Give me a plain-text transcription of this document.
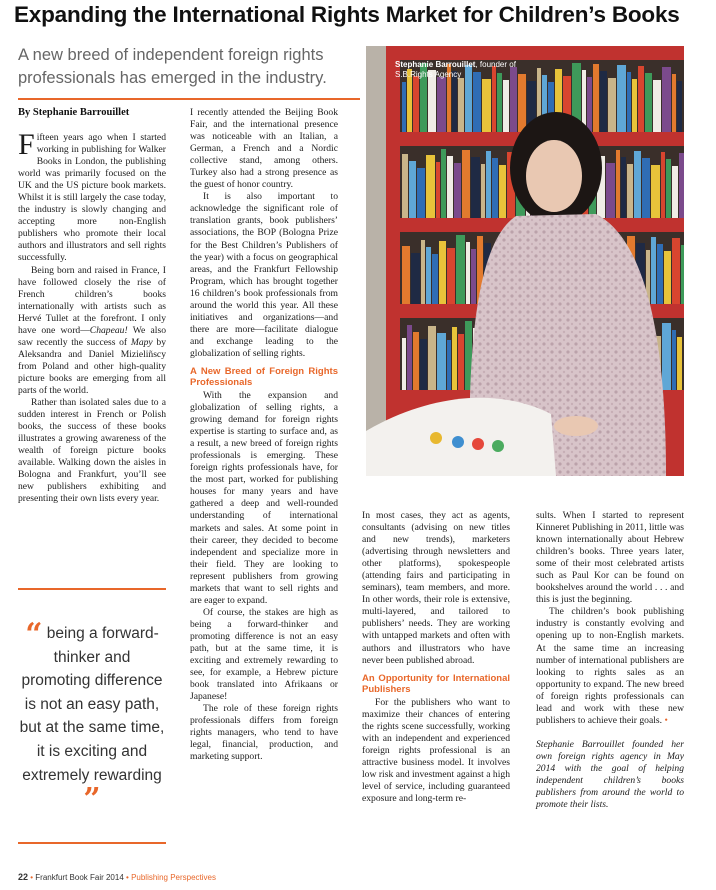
Expanding the International Rights Market for Children’s Books
A new breed of independent foreign rights professionals has emerged in the industry.
By Stephanie Barrouillet

Fifteen years ago when I started working in publishing for Walker Books in London, the publishing world was primarily focused on the UK and the US picture book markets. Whilst it is still largely the case today, the industry is slowly changing and accepting more non-English publishers who promote their local authors and illustrators and sell rights successfully.

Being born and raised in France, I have followed closely the rise of French children’s books internationally with artists such as Hervé Tullet at the forefront. I only have one word—Chapeau! We also saw recently the success of Mapy by Aleksandra and Daniel Mizieliñscy from Poland and other high-quality picture books are emerging from all parts of the world.

Rather than isolated sales due to a sudden interest in French or Polish books, the success of these books illustrates a growing awareness of the wealth of foreign picture books available. Walking down the aisles in Bologna and Frankfurt, you’ll see new publishers exhibiting and presenting their own lists every year.

“ being a forward-thinker and promoting difference is not an easy path, but at the same time, it is exciting and extremely rewarding ”

I recently attended the Beijing Book Fair, and the international presence was noticeable with an Italian, a German, a French and a Nordic collective stand, among others. Turkey also had a strong presence as the guest of honor country.

It is also important to acknowledge the significant role of translation grants, book publishers’ associations, the BOP (Bologna Prize for the Best Children’s Publishers of the year) with a focus on geographical areas, and the Frankfurt Fellowship Program, which has brought together 16 children’s book professionals from around the world this year. All these initiatives and organizations—and there are more—facilitate dialogue and exchange leading to the globalization of selling rights.

A New Breed of Foreign Rights Professionals

With the expansion and globalization of selling rights, a growing demand for foreign rights expertise is starting to surface and, as a result, a new breed of foreign rights professionals is emerging. These foreign rights professionals have, for the most part, worked for publishing houses for many years and have gathered a deep and well-rounded understanding of international markets and sales. At some point in their career, they decided to become independent and specialize more in their field. They are looking to represent publishers from growing markets that want to sell rights and are eager to expand.

Of course, the stakes are high as being a forward-thinker and promoting difference is not an easy path, but at the same time, it is exciting and extremely rewarding to see, for example, a Hebrew picture book translated into Afrikaans or Japanese!

The role of these foreign rights professionals differs from foreign rights managers, who tend to have legal, financial, production, and marketing support.

Stephanie Barrouillet, founder of
S.B.Rights Agency

In most cases, they act as agents, consultants (advising on new titles and new trends), marketers (advertising through newsletters and other platforms), spokespeople (attending fairs and participating in seminars), team members, and more. In other words, their role is extensive, multi-layered, and tailored to publishers’ needs. They are working with untapped markets and often with authors and illustrators who have never been published abroad.

An Opportunity for International Publishers

For the publishers who want to maximize their chances of entering the rights scene successfully, working with an independent and experienced foreign rights professional is an attractive business model. It involves low risk and investment against a high level of service, including guaranteed exposure and long-term re-

sults. When I started to represent Kinneret Publishing in 2011, little was known internationally about Hebrew children’s books. Three years later, some of their most celebrated artists such as Paul Kor can be found on bookshelves around the world . . . and this is just the beginning.

The children’s book publishing industry is constantly evolving and opening up to non-English markets. At the same time an increasing number of international publishers are looking to rights sales as an opportunity to expand. The new breed of foreign rights professionals can lead and work with these new publishers to achieve their goals. •

Stephanie Barrouillet founded her own foreign rights agency in May 2014 with the goal of helping independent children’s books publishers from around the world to promote their lists.

22 • Frankfurt Book Fair 2014 • Publishing Perspectives
